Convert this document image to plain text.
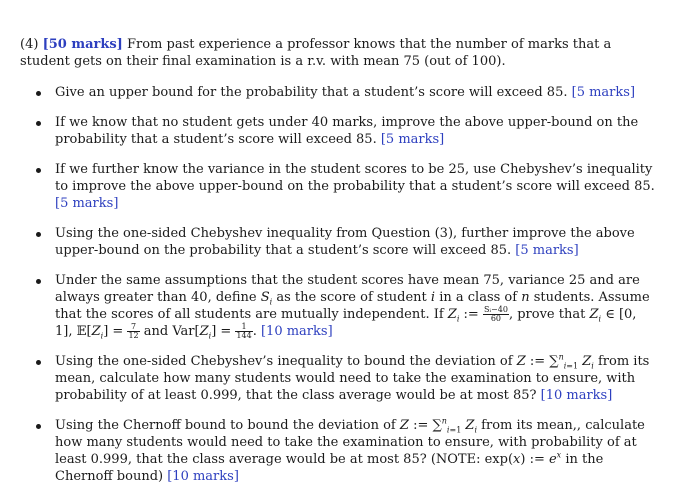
(4) [50 marks] From past experience a professor knows that the number of marks that a student gets on their final examination is a r.v. with mean 75 (out of 100).

Give an upper bound for the probability that a student’s score will exceed 85. [5 marks]
If we know that no student gets under 40 marks, improve the above upper-bound on the probability that a student’s score will exceed 85. [5 marks]
If we further know the variance in the student scores to be 25, use Chebyshev’s inequality to improve the above upper-bound on the probability that a student’s score will exceed 85. [5 marks]
Using the one-sided Chebyshev inequality from Question (3), further improve the above upper-bound on the probability that a student’s score will exceed 85. [5 marks]
Under the same assumptions that the student scores have mean 75, variance 25 and are always greater than 40, define $S_i$ as the score of student i in a class of n students. Assume that the scores of all students are mutually independent. If $Z_i$ := $\frac{\text{Sᵢ−40}}{60}$ , prove that $Z_i$ ∈ [0, 1], $𝔼[Z_i] = \frac{7}{12}$ and $Var[Z_i] = \frac{1}{144}$ . [10 marks]
Using the one-sided Chebyshev’s inequality to bound the deviation of Z := ∑$^n_{i=1}$ $Z_i$ from its mean, calculate how many students would need to take the examination to ensure, with probability of at least 0.999, that the class average would be at most 85? [10 marks]
Using the Chernoff bound to bound the deviation of Z := ∑$^n_{i=1}$ $Z_i$ from its mean,, calculate how many students would need to take the examination to ensure, with probability of at least 0.999, that the class average would be at most 85? (NOTE: exp(x) := $e^x$ in the Chernoff bound) [10 marks]
